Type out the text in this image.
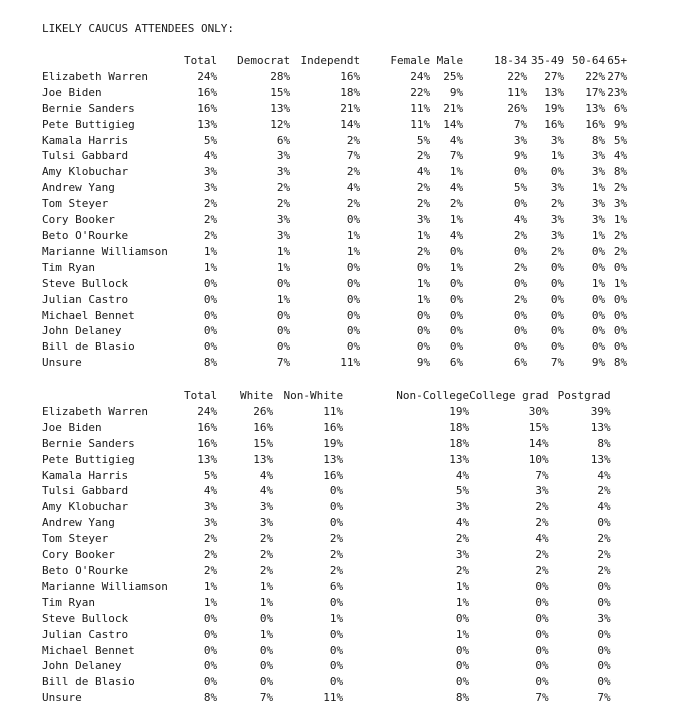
LIKELY CAUCUS ATTENDEES ONLY:
	Total	Democrat	Independt	Female	Male	18-34	35-49	50-64	65+
Elizabeth Warren	24%	28%	16%	24%	25%	22%	27%	22%	27%
Joe Biden	16%	15%	18%	22%	9%	11%	13%	17%	23%
Bernie Sanders	16%	13%	21%	11%	21%	26%	19%	13%	6%
Pete Buttigieg	13%	12%	14%	11%	14%	7%	16%	16%	9%
Kamala Harris	5%	6%	2%	5%	4%	3%	3%	8%	5%
Tulsi Gabbard	4%	3%	7%	2%	7%	9%	1%	3%	4%
Amy Klobuchar	3%	3%	2%	4%	1%	0%	0%	3%	8%
Andrew Yang	3%	2%	4%	2%	4%	5%	3%	1%	2%
Tom Steyer	2%	2%	2%	2%	2%	0%	2%	3%	3%
Cory Booker	2%	3%	0%	3%	1%	4%	3%	3%	1%
Beto O'Rourke	2%	3%	1%	1%	4%	2%	3%	1%	2%
Marianne Williamson	1%	1%	1%	2%	0%	0%	2%	0%	2%
Tim Ryan	1%	1%	0%	0%	1%	2%	0%	0%	0%
Steve Bullock	0%	0%	0%	1%	0%	0%	0%	1%	1%
Julian Castro	0%	1%	0%	1%	0%	2%	0%	0%	0%
Michael Bennet	0%	0%	0%	0%	0%	0%	0%	0%	0%
John Delaney	0%	0%	0%	0%	0%	0%	0%	0%	0%
Bill de Blasio	0%	0%	0%	0%	0%	0%	0%	0%	0%
Unsure	8%	7%	11%	9%	6%	6%	7%	9%	8%
	Total	White	Non-White	Non-College	College grad	Postgrad
Elizabeth Warren	24%	26%	11%	19%	30%	39%
Joe Biden	16%	16%	16%	18%	15%	13%
Bernie Sanders	16%	15%	19%	18%	14%	8%
Pete Buttigieg	13%	13%	13%	13%	10%	13%
Kamala Harris	5%	4%	16%	4%	7%	4%
Tulsi Gabbard	4%	4%	0%	5%	3%	2%
Amy Klobuchar	3%	3%	0%	3%	2%	4%
Andrew Yang	3%	3%	0%	4%	2%	0%
Tom Steyer	2%	2%	2%	2%	4%	2%
Cory Booker	2%	2%	2%	3%	2%	2%
Beto O'Rourke	2%	2%	2%	2%	2%	2%
Marianne Williamson	1%	1%	6%	1%	0%	0%
Tim Ryan	1%	1%	0%	1%	0%	0%
Steve Bullock	0%	0%	1%	0%	0%	3%
Julian Castro	0%	1%	0%	1%	0%	0%
Michael Bennet	0%	0%	0%	0%	0%	0%
John Delaney	0%	0%	0%	0%	0%	0%
Bill de Blasio	0%	0%	0%	0%	0%	0%
Unsure	8%	7%	11%	8%	7%	7%
